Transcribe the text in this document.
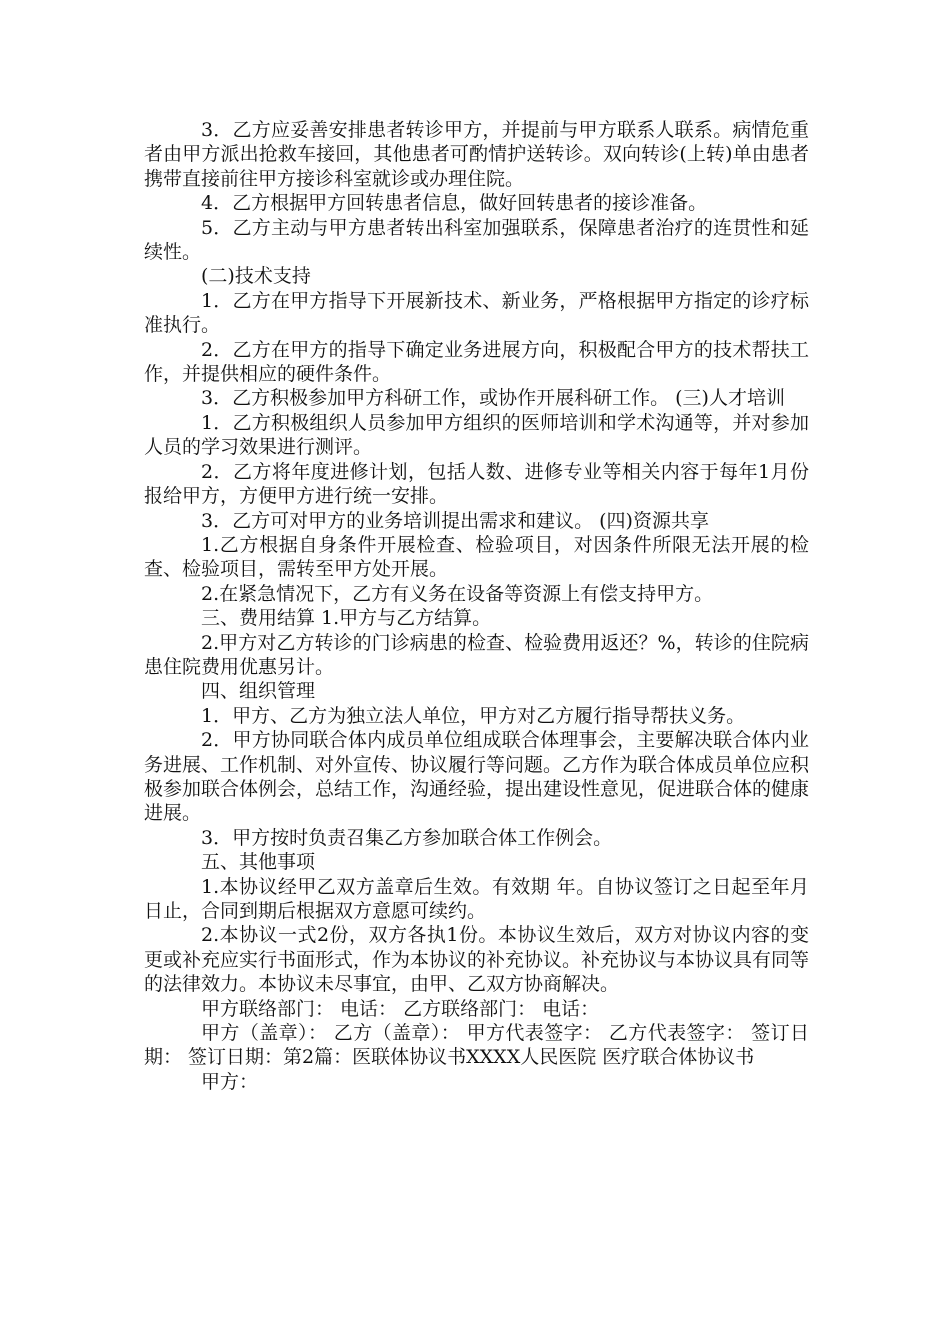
3．乙方应妥善安排患者转诊甲方，并提前与甲方联系人联系。病情危重者由甲方派出抢救车接回，其他患者可酌情护送转诊。双向转诊(上转)单由患者携带直接前往甲方接诊科室就诊或办理住院。

4．乙方根据甲方回转患者信息，做好回转患者的接诊准备。

5．乙方主动与甲方患者转出科室加强联系，保障患者治疗的连贯性和延续性。

(二)技术支持

1．乙方在甲方指导下开展新技术、新业务，严格根据甲方指定的诊疗标准执行。

2．乙方在甲方的指导下确定业务进展方向，积极配合甲方的技术帮扶工作，并提供相应的硬件条件。

3．乙方积极参加甲方科研工作，或协作开展科研工作。 (三)人才培训

1．乙方积极组织人员参加甲方组织的医师培训和学术沟通等，并对参加人员的学习效果进行测评。

2．乙方将年度进修计划，包括人数、进修专业等相关内容于每年1月份报给甲方，方便甲方进行统一安排。

3．乙方可对甲方的业务培训提出需求和建议。 (四)资源共享

1.乙方根据自身条件开展检查、检验项目，对因条件所限无法开展的检查、检验项目，需转至甲方处开展。

2.在紧急情况下，乙方有义务在设备等资源上有偿支持甲方。

三、费用结算 1.甲方与乙方结算。

2.甲方对乙方转诊的门诊病患的检查、检验费用返还？%，转诊的住院病患住院费用优惠另计。

四、组织管理

1．甲方、乙方为独立法人单位，甲方对乙方履行指导帮扶义务。

2．甲方协同联合体内成员单位组成联合体理事会，主要解决联合体内业务进展、工作机制、对外宣传、协议履行等问题。乙方作为联合体成员单位应积极参加联合体例会，总结工作，沟通经验，提出建设性意见，促进联合体的健康进展。

3．甲方按时负责召集乙方参加联合体工作例会。

五、其他事项

1.本协议经甲乙双方盖章后生效。有效期 年。自协议签订之日起至年月 日止，合同到期后根据双方意愿可续约。

2.本协议一式2份，双方各执1份。本协议生效后，双方对协议内容的变更或补充应实行书面形式，作为本协议的补充协议。补充协议与本协议具有同等的法律效力。本协议未尽事宜，由甲、乙双方协商解决。

甲方联络部门： 电话： 乙方联络部门： 电话：

甲方（盖章）： 乙方（盖章）： 甲方代表签字： 乙方代表签字： 签订日期： 签订日期：第2篇：医联体协议书XXXX人民医院 医疗联合体协议书

甲方：
